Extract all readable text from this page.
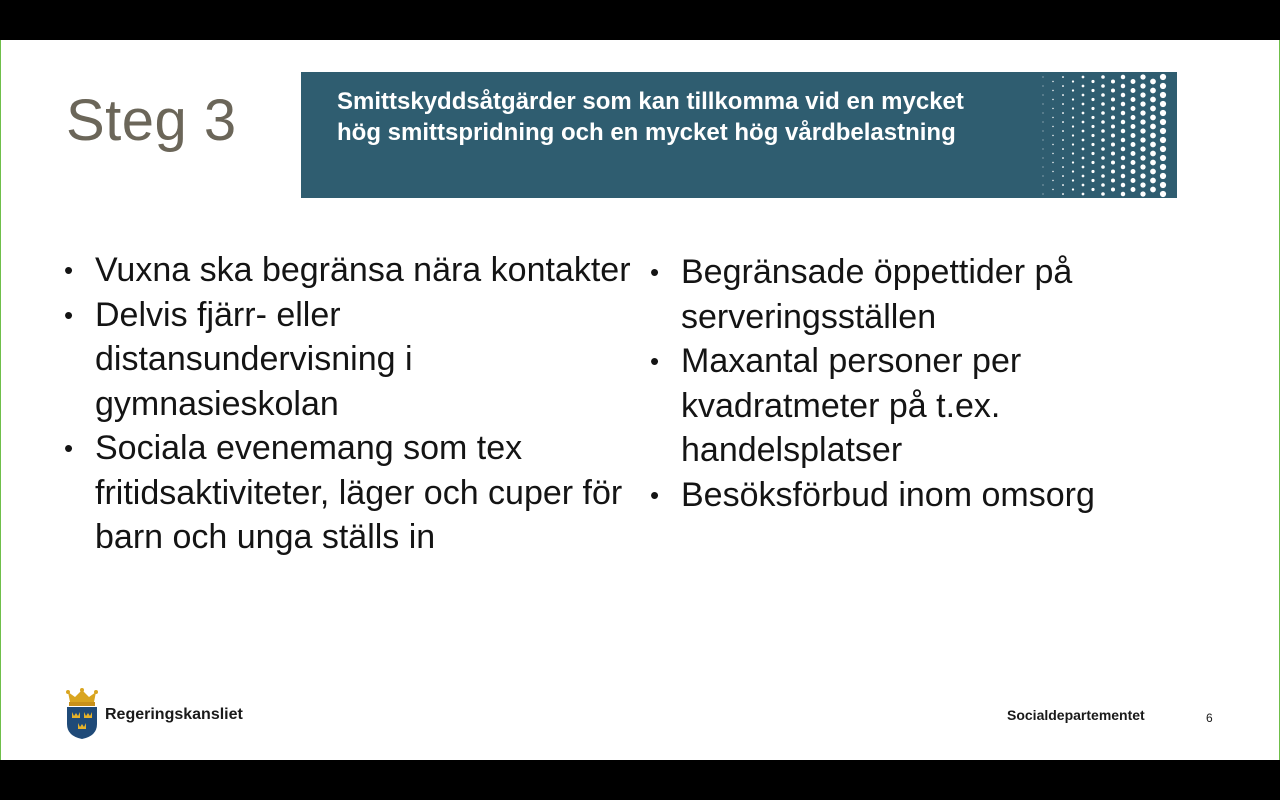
Steg 3	Smittskyddsåtgärder som kan tillkomma vid en mycket hög smittspridning och en mycket hög vårdbelastning
• Vuxna ska begränsa nära kontakter
• Delvis fjärr- eller distansundervisning i gymnasieskolan
• Sociala evenemang som tex fritidsaktiviteter, läger och cuper för barn och unga ställs in
• Begränsade öppettider på serveringsställen
• Maxantal personer per kvadratmeter på t.ex. handelsplatser
• Besöksförbud inom omsorg
Regeringskansliet	Socialdepartementet	6
